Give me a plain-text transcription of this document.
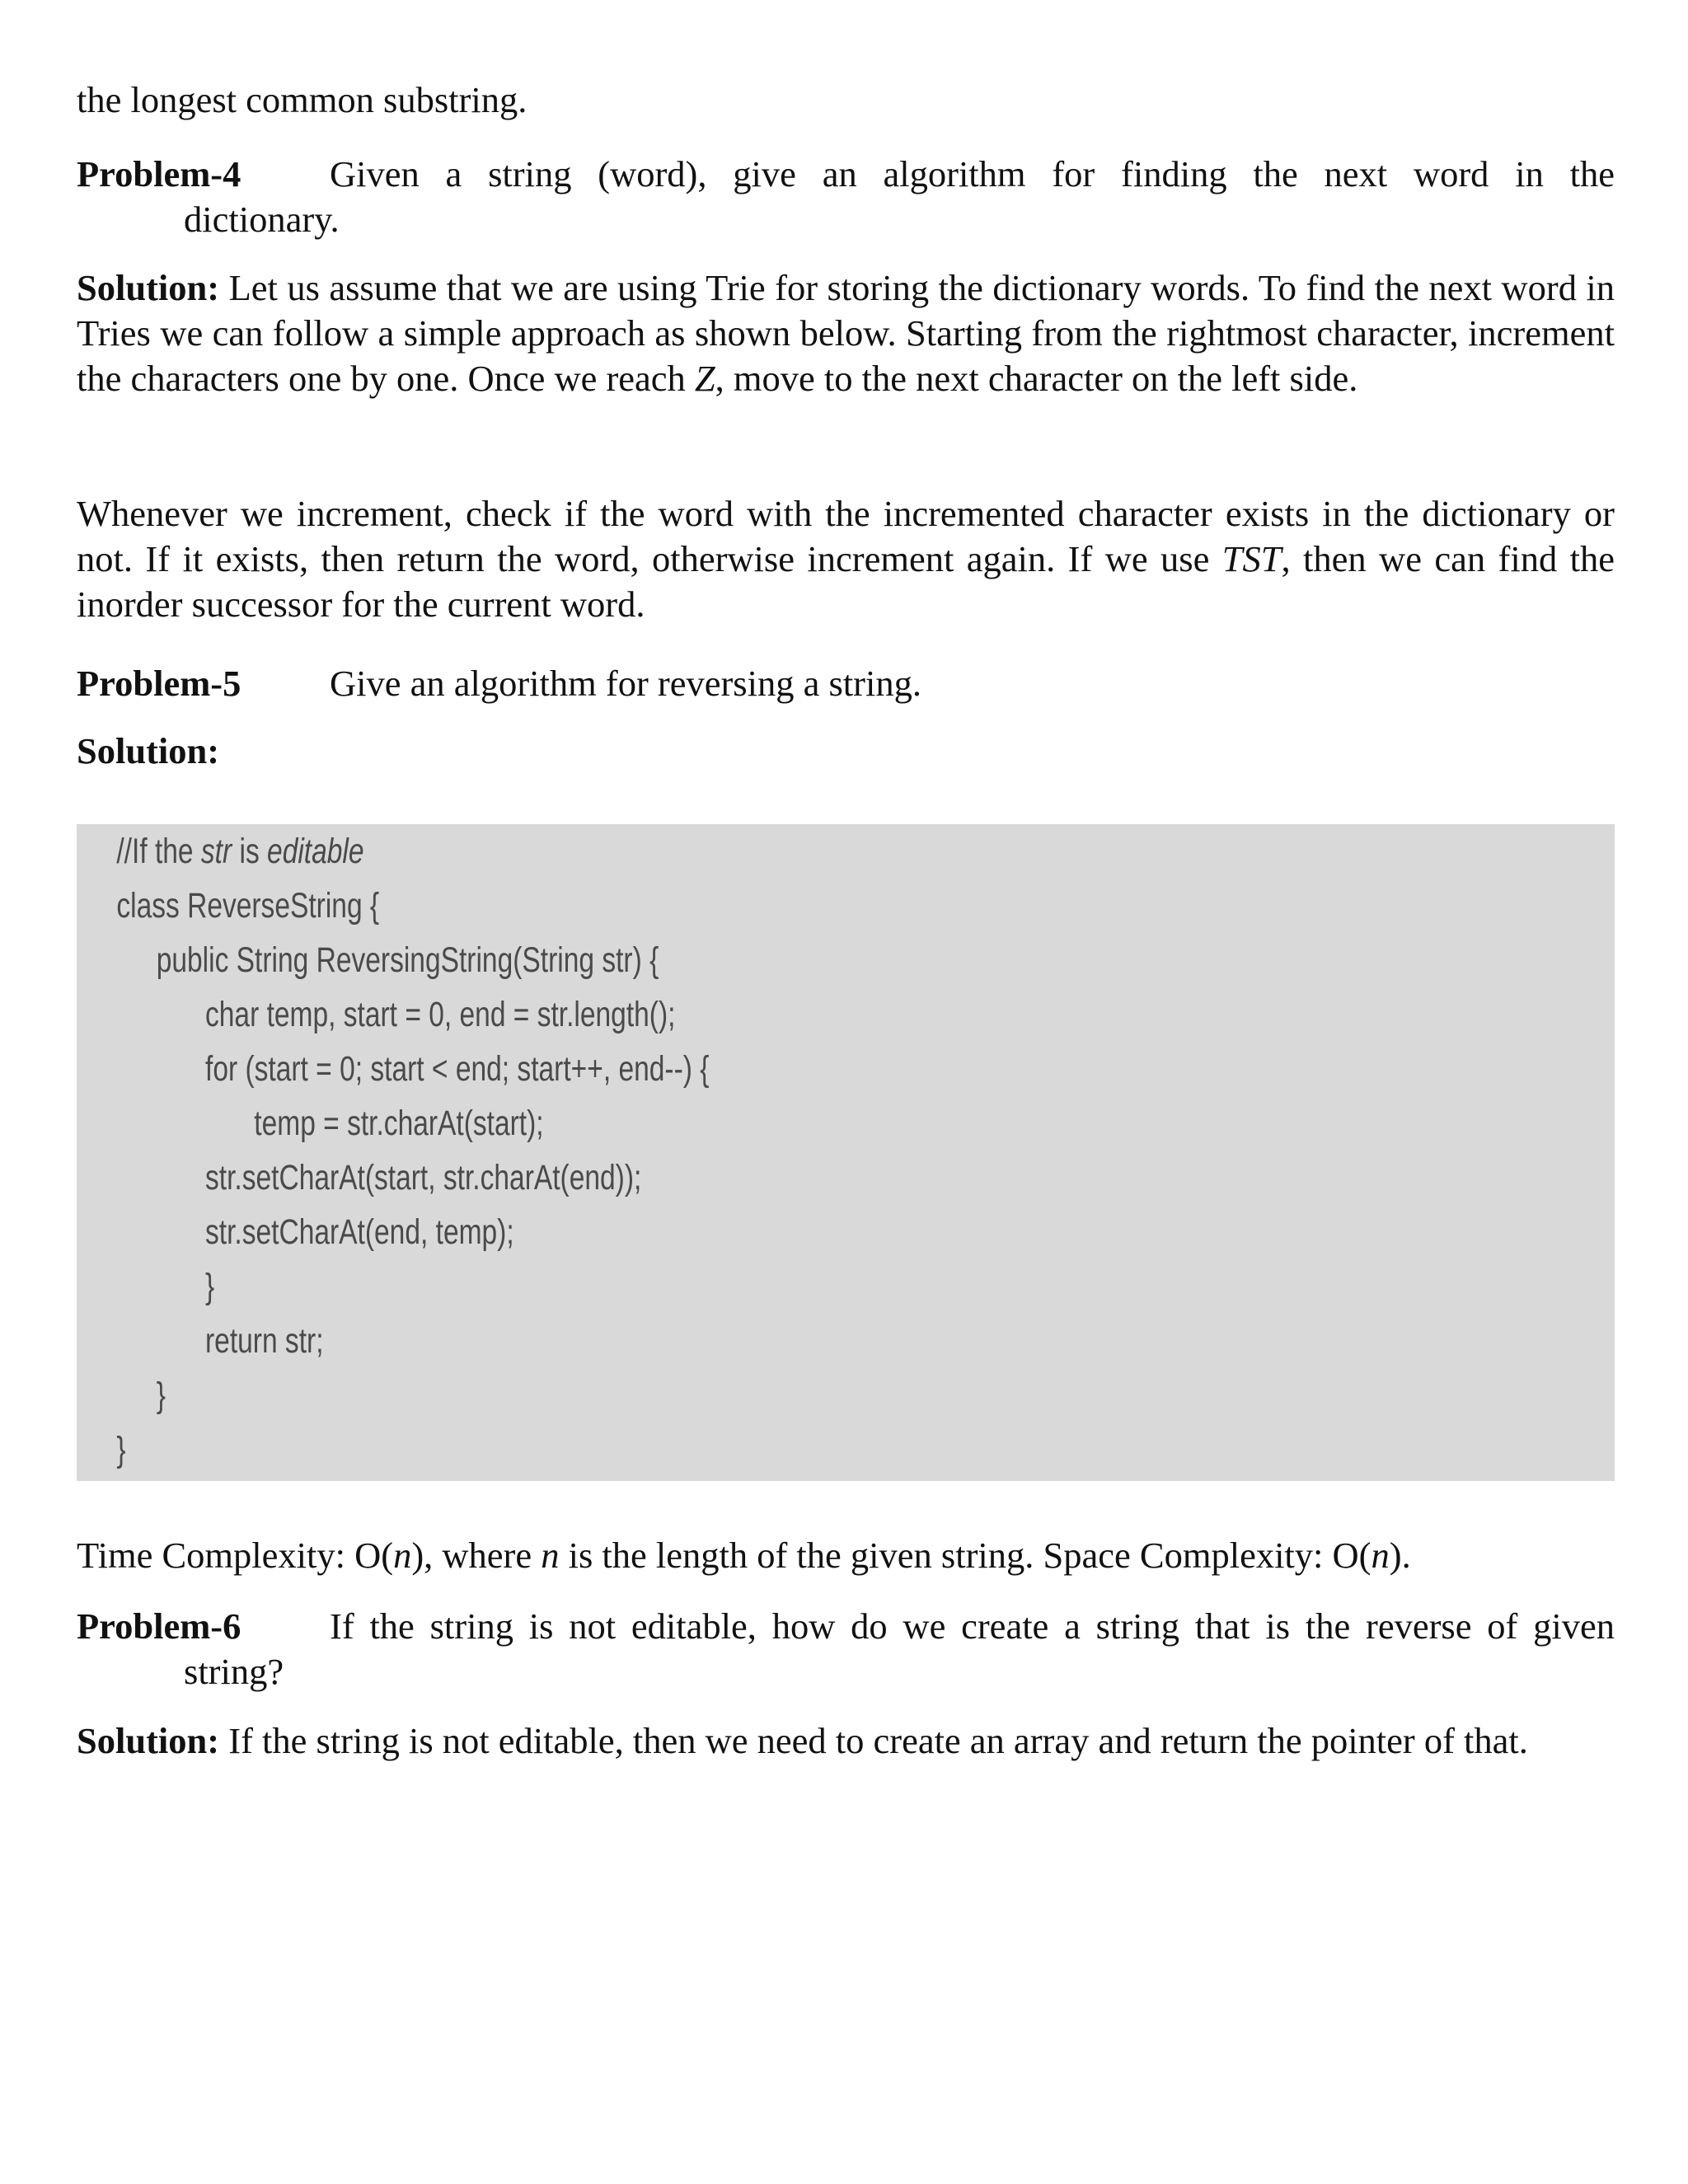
the longest common substring.

Problem-4	Given a string (word), give an algorithm for finding the next word in the

dictionary.

Solution: Let us assume that we are using Trie for storing the dictionary words. To find the next word in Tries we can follow a simple approach as shown below. Starting from the rightmost character, increment the characters one by one. Once we reach Z, move to the next character on the left side.

Whenever we increment, check if the word with the incremented character exists in the dictionary or not. If it exists, then return the word, otherwise increment again. If we use TST, then we can find the inorder successor for the current word.

Problem-5	Give an algorithm for reversing a string.

Solution:

//If the str is editable

class ReverseString {

public String ReversingString(String str) {

char temp, start = 0, end = str.length();

for (start = 0; start < end; start++, end--) {

temp = str.charAt(start);

str.setCharAt(start, str.charAt(end));

str.setCharAt(end, temp);

}

return str;

}

}

Time Complexity: O(n), where n is the length of the given string. Space Complexity: O(n).

Problem-6	If the string is not editable, how do we create a string that is the reverse of given

string?

Solution: If the string is not editable, then we need to create an array and return the pointer of that.
